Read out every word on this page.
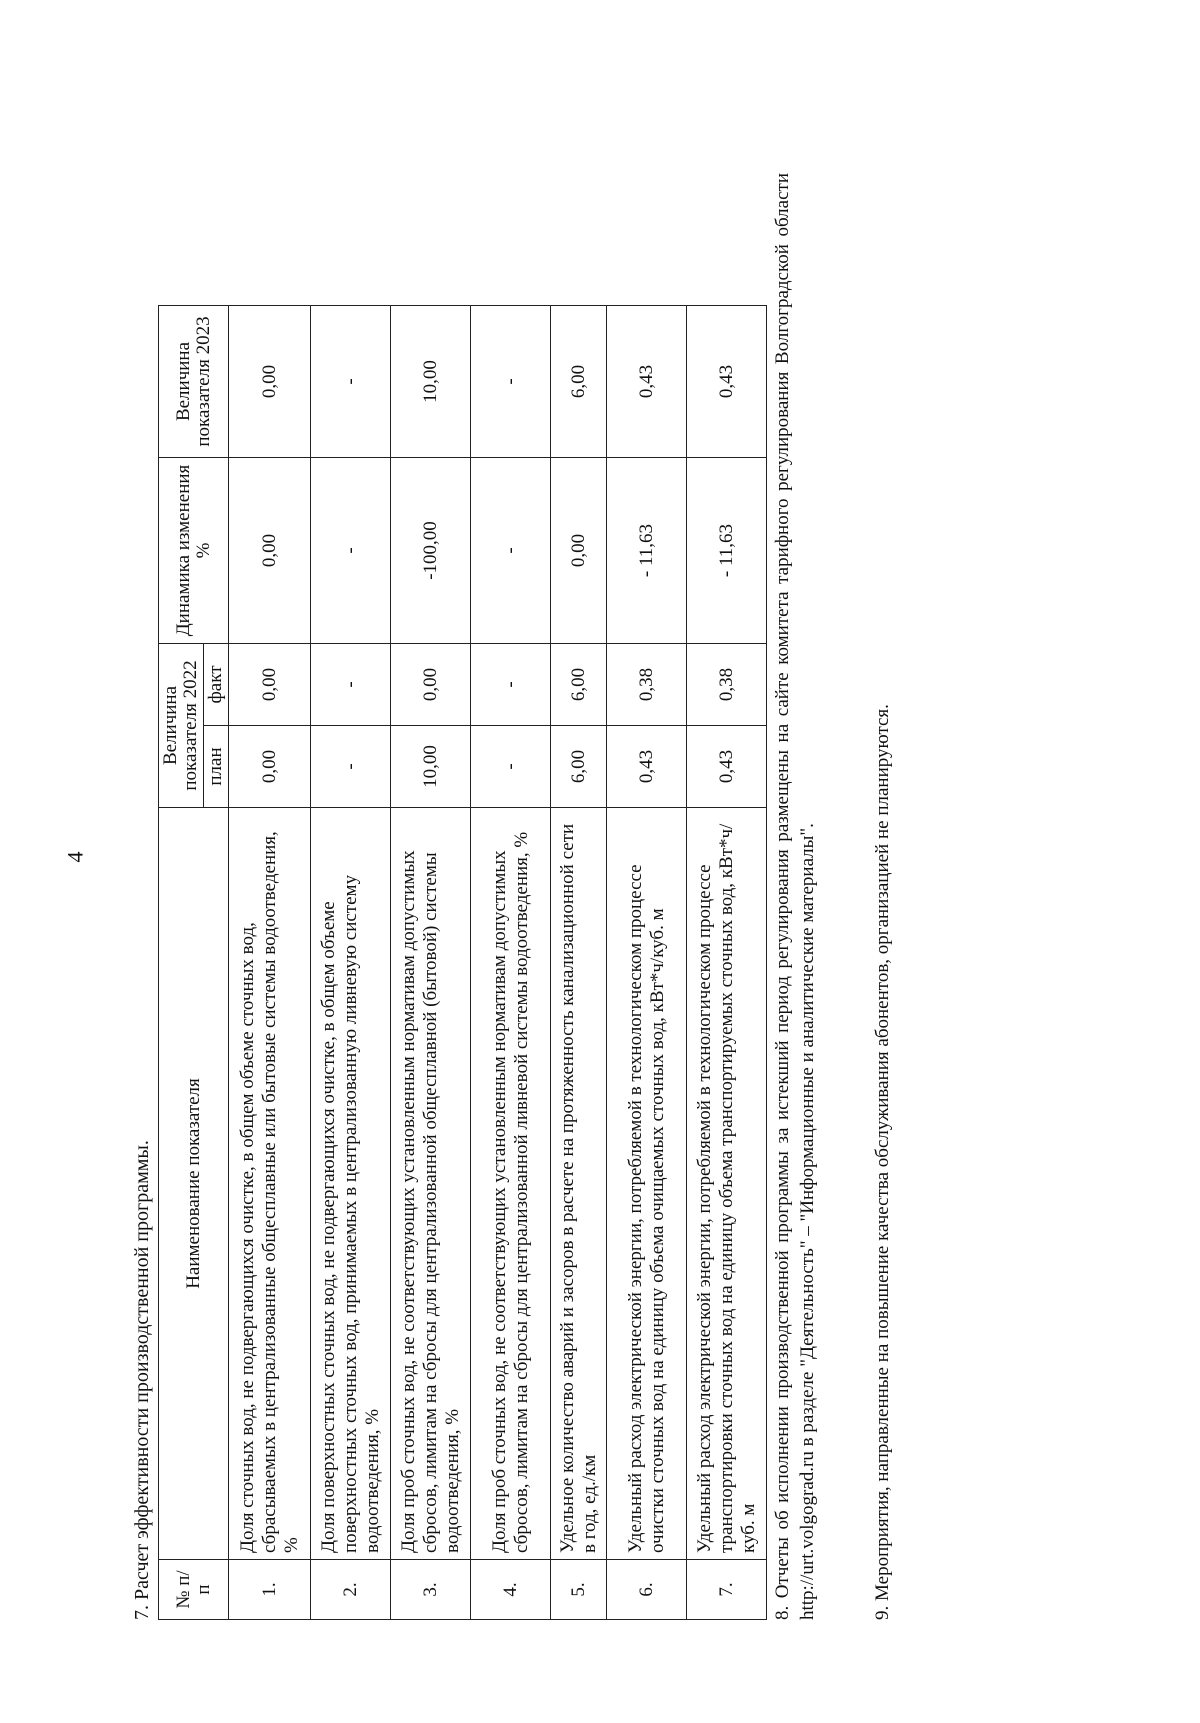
4
7. Расчет эффективности производственной программы. № п/п	Наименование показателя	Величина показателя 2022		Динамика изменения %	Величина показателя 2023	
		план	факт			
1.	Доля сточных вод, не подвергающихся очистке, в общем объеме сточных вод, сбрасываемых в централизованные общесплавные или бытовые системы водоотведения, %	0,00	0,00	0,00	0,00	
2.	Доля поверхностных сточных вод, не подвергающихся очистке, в общем объеме поверхностных сточных вод, принимаемых в централизованную ливневую систему водоотведения, %	-	-	-	-	
3.	Доля проб сточных вод, не соответствующих установленным нормативам допустимых сбросов, лимитам на сбросы для централизованной общесплавной (бытовой) системы водоотведения, %	10,00	0,00	-100,00	10,00	
4.	Доля проб сточных вод, не соответствующих установленным нормативам допустимых сбросов, лимитам на сбросы для централизованной ливневой системы водоотведения, %	-	-	-	-	
5.	Удельное количество аварий и засоров в расчете на протяженность канализационной сети в год, ед./км	6,00	6,00	0,00	6,00	
6.	Удельный расход электрической энергии, потребляемой в технологическом процессе очистки сточных вод на единицу объема очищаемых сточных вод, кВт*ч/куб. м	0,43	0,38	- 11,63	0,43	
7.	Удельный расход электрической энергии, потребляемой в технологическом процессе транспортировки сточных вод на единицу объема транспортируемых сточных вод, кВт*ч/куб. м	0,43	0,38	- 11,63	0,43	8. Отчеты об исполнении производственной программы за истекший период регулирования размещены на сайте комитета тарифного регулирования Волгоградской области http://urt.volgograd.ru в разделе "Деятельность" – "Информационные и аналитические материалы".	9. Мероприятия, направленные на повышение качества обслуживания абонентов, организацией не планируются.
